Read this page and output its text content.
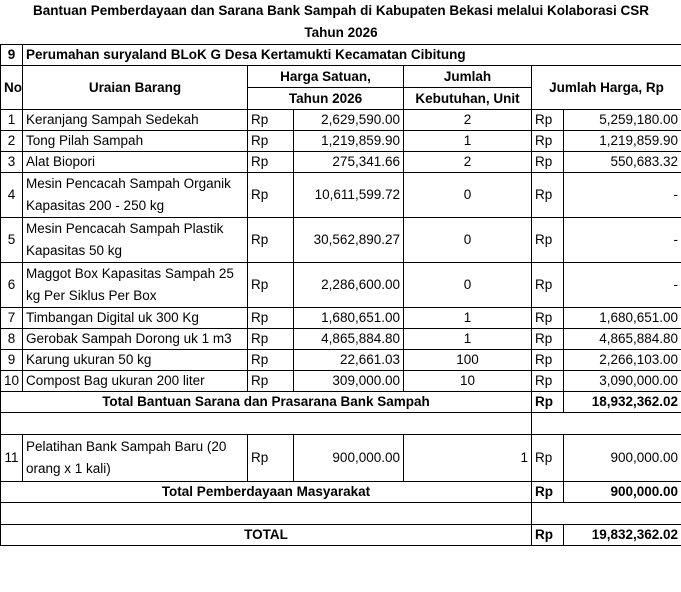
Bantuan Pemberdayaan dan Sarana Bank Sampah di Kabupaten Bekasi melalui Kolaborasi CSR						
Tahun 2026						
9	Perumahan suryaland BLoK G Desa Kertamukti Kecamatan Cibitung					
No	Uraian Barang	Harga Satuan,		Jumlah	Jumlah Harga, Rp	
		Tahun 2026		Kebutuhan, Unit		
1	Keranjang Sampah Sedekah	Rp	2,629,590.00	2	Rp	5,259,180.00
2	Tong Pilah Sampah	Rp	1,219,859.90	1	Rp	1,219,859.90
3	Alat Biopori	Rp	275,341.66	2	Rp	550,683.32
4	Mesin Pencacah Sampah Organik Kapasitas 200 - 250 kg	Rp	10,611,599.72	0	Rp	-
5	Mesin Pencacah Sampah Plastik Kapasitas 50 kg	Rp	30,562,890.27	0	Rp	-
6	Maggot Box Kapasitas Sampah 25 kg Per Siklus Per Box	Rp	2,286,600.00	0	Rp	-
7	Timbangan Digital uk 300 Kg	Rp	1,680,651.00	1	Rp	1,680,651.00
8	Gerobak Sampah Dorong uk 1 m3	Rp	4,865,884.80	1	Rp	4,865,884.80
9	Karung ukuran 50 kg	Rp	22,661.03	100	Rp	2,266,103.00
10	Compost Bag ukuran 200 liter	Rp	309,000.00	10	Rp	3,090,000.00
Total Bantuan Sarana dan Prasarana Bank Sampah					Rp	18,932,362.02

11	Pelatihan Bank Sampah Baru (20 orang x 1 kali)	Rp	900,000.00	1	Rp	900,000.00
Total Pemberdayaan Masyarakat					Rp	900,000.00

TOTAL					Rp	19,832,362.02
